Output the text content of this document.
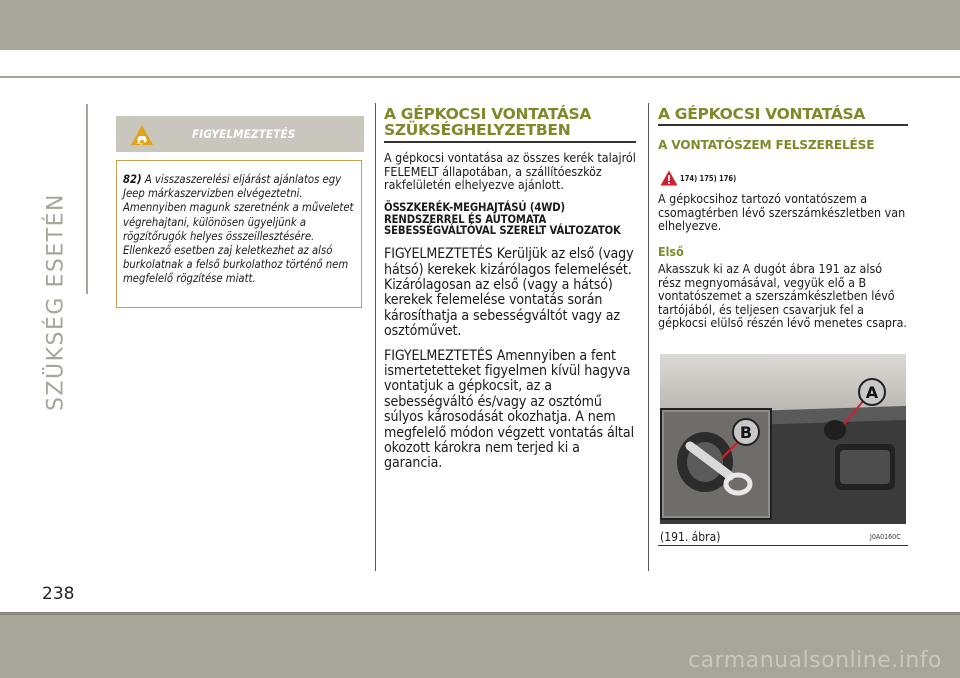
SZÜKSÉG ESETÉN
FIGYELMEZTETÉS
82) A visszaszerelési eljárást ajánlatos egy Jeep márkaszervizben elvégeztetni. Amennyiben magunk szeretnénk a műveletet végrehajtani, különösen ügyeljünk a rögzítőrugók helyes összeillesztésére. Ellenkező esetben zaj keletkezhet az alsó burkolatnak a felső burkolathoz történő nem megfelelő rögzítése miatt.
A GÉPKOCSI VONTATÁSA
SZÜKSÉGHELYZETBEN
A gépkocsi vontatása az összes kerék talajról FELEMELT állapotában, a szállítóeszköz rakfelületén elhelyezve ajánlott.
ÖSSZKERÉK-MEGHAJTÁSÚ (4WD) RENDSZERREL ÉS AUTOMATA SEBESSÉGVÁLTÓVAL SZERELT VÁLTOZATOK
FIGYELMEZTETÉS Kerüljük az első (vagy hátsó) kerekek kizárólagos felemelését. Kizárólagosan az első (vagy a hátsó) kerekek felemelése vontatás során károsíthatja a sebességváltót vagy az osztóművet.
FIGYELMEZTETÉS Amennyiben a fent ismertetetteket figyelmen kívül hagyva vontatjuk a gépkocsit, az a sebességváltó és/vagy az osztómű súlyos károsodását okozhatja. A nem megfelelő módon végzett vontatás által okozott károkra nem terjed ki a garancia.
A GÉPKOCSI VONTATÁSA
A VONTATÓSZEM FELSZERELÉSE
174) 175) 176)
A gépkocsihoz tartozó vontatószem a csomagtérben lévő szerszámkészletben van elhelyezve.
Első
Akasszuk ki az A dugót ábra 191 az alsó rész megnyomásával, vegyük elő a B vontatószemet a szerszámkészletben lévő tartójából, és teljesen csavarjuk fel a gépkocsi elülső részén lévő menetes csapra.
A
B
(191. ábra)	J0A0160C
238
carmanualsonline.info
